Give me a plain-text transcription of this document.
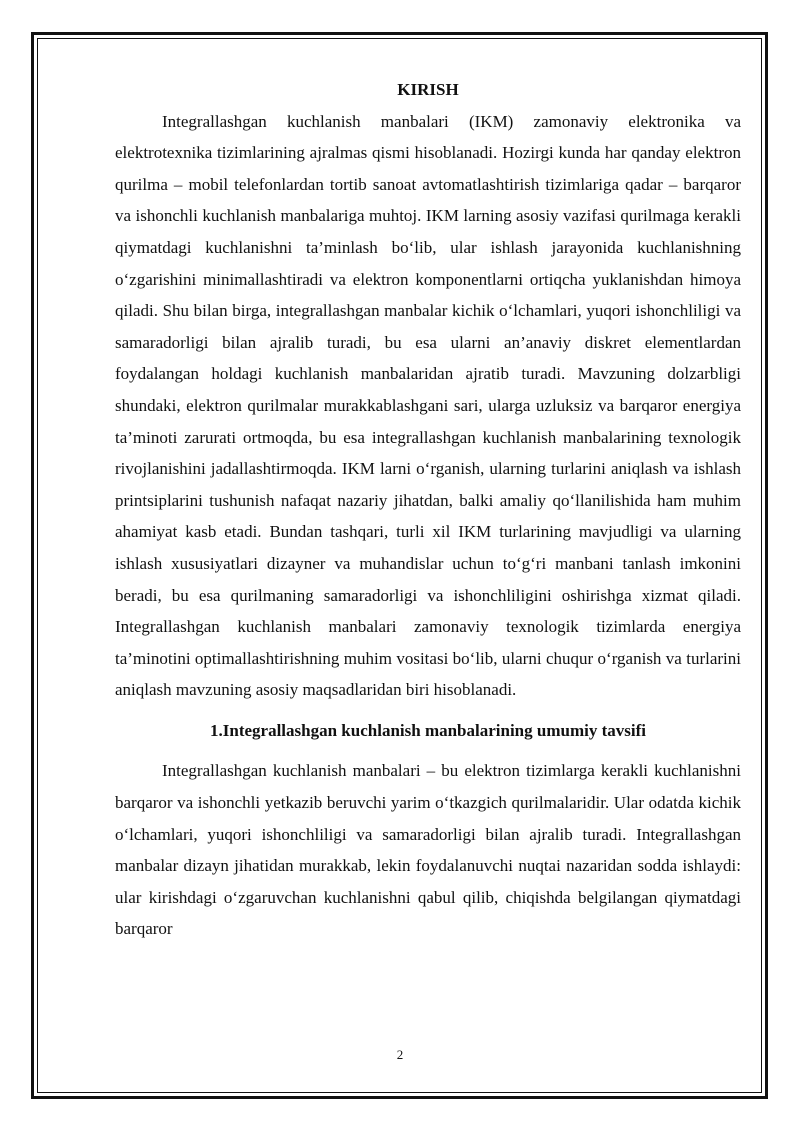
KIRISH

Integrallashgan kuchlanish manbalari (IKM) zamonaviy elektronika va elektrotexnika tizimlarining ajralmas qismi hisoblanadi. Hozirgi kunda har qanday elektron qurilma – mobil telefonlardan tortib sanoat avtomatlashtirish tizimlariga qadar – barqaror va ishonchli kuchlanish manbalariga muhtoj. IKM larning asosiy vazifasi qurilmaga kerakli qiymatdagi kuchlanishni ta’minlash bo‘lib, ular ishlash jarayonida kuchlanishning o‘zgarishini minimallashtiradi va elektron komponentlarni ortiqcha yuklanishdan himoya qiladi. Shu bilan birga, integrallashgan manbalar kichik o‘lchamlari, yuqori ishonchliligi va samaradorligi bilan ajralib turadi, bu esa ularni an’anaviy diskret elementlardan foydalangan holdagi kuchlanish manbalaridan ajratib turadi. Mavzuning dolzarbligi shundaki, elektron qurilmalar murakkablashgani sari, ularga uzluksiz va barqaror energiya ta’minoti zarurati ortmoqda, bu esa integrallashgan kuchlanish manbalarining texnologik rivojlanishini jadallashtirmoqda. IKM larni o‘rganish, ularning turlarini aniqlash va ishlash printsiplarini tushunish nafaqat nazariy jihatdan, balki amaliy qo‘llanilishida ham muhim ahamiyat kasb etadi. Bundan tashqari, turli xil IKM turlarining mavjudligi va ularning ishlash xususiyatlari dizayner va muhandislar uchun to‘g‘ri manbani tanlash imkonini beradi, bu esa qurilmaning samaradorligi va ishonchliligini oshirishga xizmat qiladi. Integrallashgan kuchlanish manbalari zamonaviy texnologik tizimlarda energiya ta’minotini optimallashtirishning muhim vositasi bo‘lib, ularni chuqur o‘rganish va turlarini aniqlash mavzuning asosiy maqsadlaridan biri hisoblanadi.

1.Integrallashgan kuchlanish manbalarining umumiy tavsifi

Integrallashgan kuchlanish manbalari – bu elektron tizimlarga kerakli kuchlanishni barqaror va ishonchli yetkazib beruvchi yarim o‘tkazgich qurilmalaridir. Ular odatda kichik o‘lchamlari, yuqori ishonchliligi va samaradorligi bilan ajralib turadi. Integrallashgan manbalar dizayn jihatidan murakkab, lekin foydalanuvchi nuqtai nazaridan sodda ishlaydi: ular kirishdagi o‘zgaruvchan kuchlanishni qabul qilib, chiqishda belgilangan qiymatdagi barqaror

2
